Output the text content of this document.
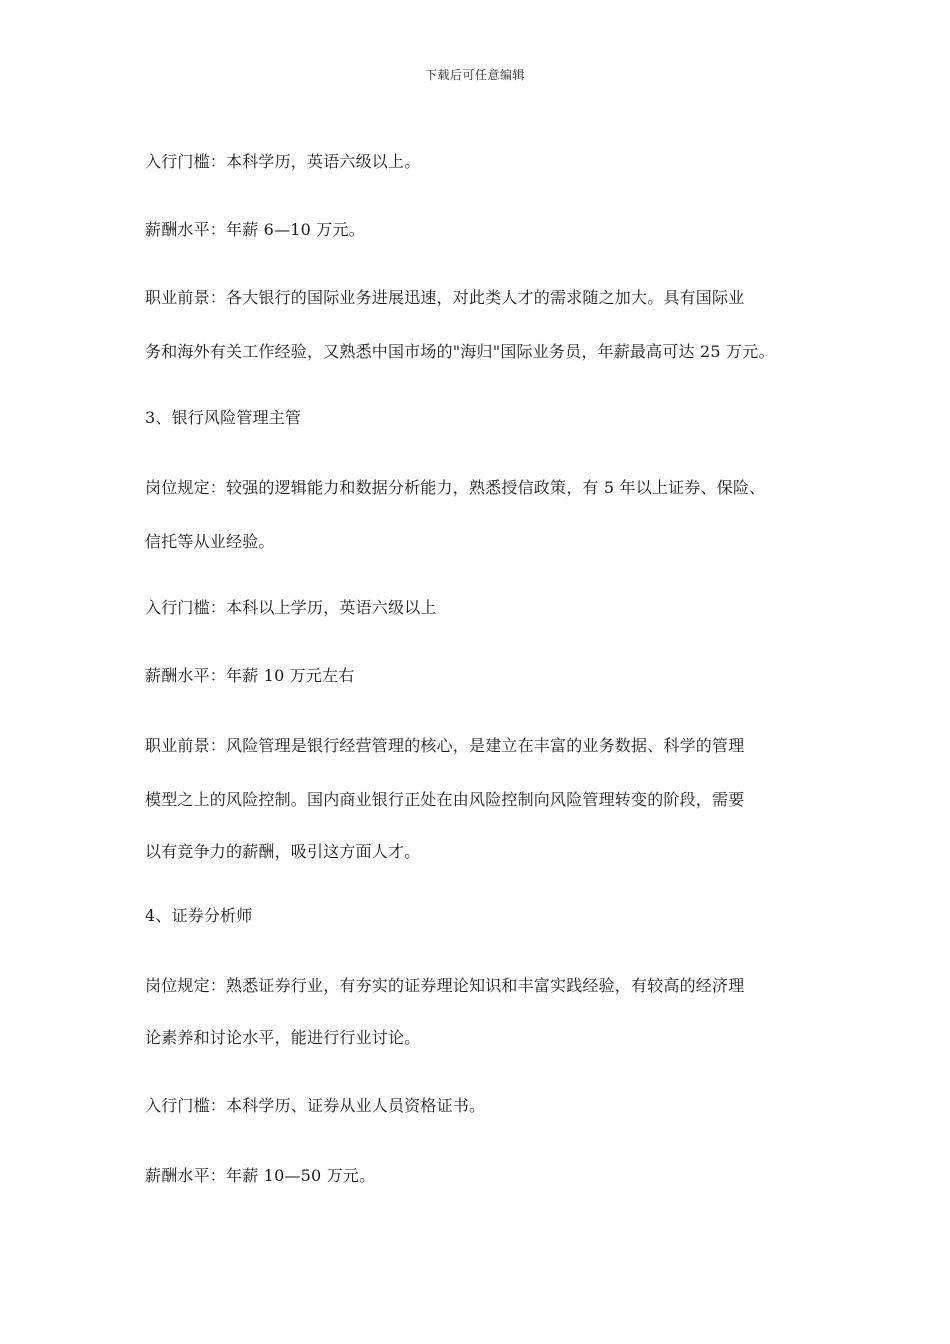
下载后可任意编辑
入行门槛：本科学历，英语六级以上。
薪酬水平：年薪 6—10 万元。
职业前景：各大银行的国际业务进展迅速，对此类人才的需求随之加大。具有国际业
务和海外有关工作经验，又熟悉中国市场的"海归"国际业务员，年薪最高可达 25 万元。
3、银行风险管理主管
岗位规定：较强的逻辑能力和数据分析能力，熟悉授信政策，有 5 年以上证券、保险、
信托等从业经验。
入行门槛：本科以上学历，英语六级以上
薪酬水平：年薪 10 万元左右
职业前景：风险管理是银行经营管理的核心，是建立在丰富的业务数据、科学的管理
模型之上的风险控制。国内商业银行正处在由风险控制向风险管理转变的阶段，需要
以有竞争力的薪酬，吸引这方面人才。
4、证券分析师
岗位规定：熟悉证券行业，有夯实的证券理论知识和丰富实践经验，有较高的经济理
论素养和讨论水平，能进行行业讨论。
入行门槛：本科学历、证券从业人员资格证书。
薪酬水平：年薪 10—50 万元。
